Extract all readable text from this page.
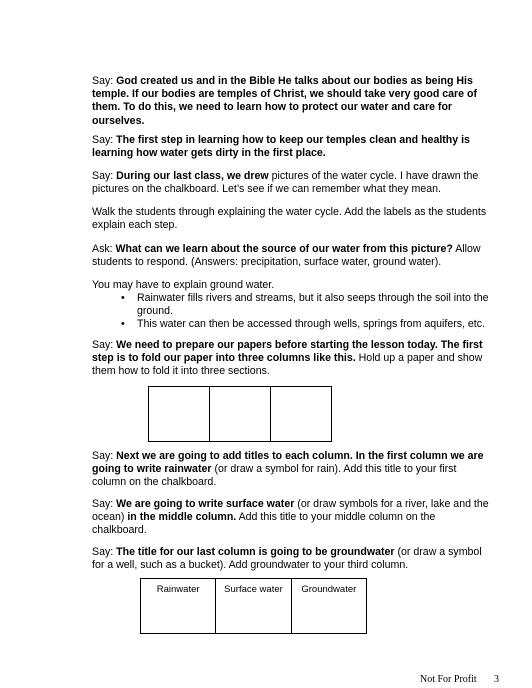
Say: God created us and in the Bible He talks about our bodies as being His temple. If our bodies are temples of Christ, we should take very good care of them. To do this, we need to learn how to protect our water and care for ourselves.

Say: The first step in learning how to keep our temples clean and healthy is learning how water gets dirty in the first place.

Say: During our last class, we drew pictures of the water cycle. I have drawn the pictures on the chalkboard. Let’s see if we can remember what they mean.

Walk the students through explaining the water cycle. Add the labels as the students explain each step.

Ask: What can we learn about the source of our water from this picture? Allow students to respond. (Answers: precipitation, surface water, ground water).

You may have to explain ground water.

• Rainwater fills rivers and streams, but it also seeps through the soil into the ground.
• This water can then be accessed through wells, springs from aquifers, etc.

Say: We need to prepare our papers before starting the lesson today. The first step is to fold our paper into three columns like this. Hold up a paper and show them how to fold it into three sections.

Say: Next we are going to add titles to each column. In the first column we are going to write rainwater (or draw a symbol for rain). Add this title to your first column on the chalkboard.

Say: We are going to write surface water (or draw symbols for a river, lake and the ocean) in the middle column. Add this title to your middle column on the chalkboard.

Say: The title for our last column is going to be groundwater (or draw a symbol for a well, such as a bucket). Add groundwater to your third column.

Rainwater	Surface water	Groundwater
Not For Profit 3
